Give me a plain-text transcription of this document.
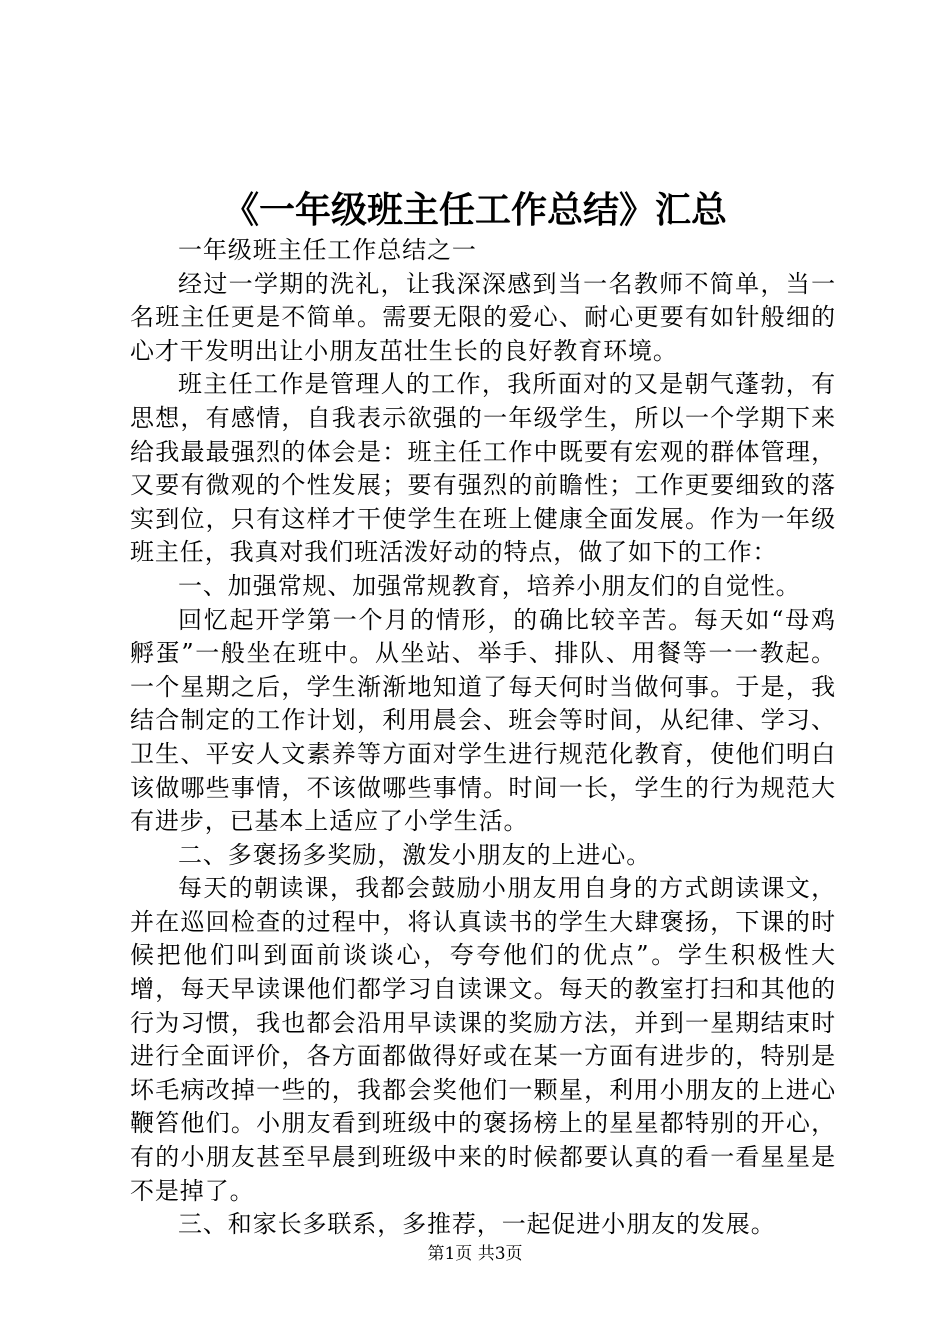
《一年级班主任工作总结》汇总

一年级班主任工作总结之一

经过一学期的洗礼，让我深深感到当一名教师不简单，当一名班主任更是不简单。需要无限的爱心、耐心更要有如针般细的心才干发明出让小朋友茁壮生长的良好教育环境。

班主任工作是管理人的工作，我所面对的又是朝气蓬勃，有思想，有感情，自我表示欲强的一年级学生，所以一个学期下来给我最最强烈的体会是：班主任工作中既要有宏观的群体管理，又要有微观的个性发展；要有强烈的前瞻性；工作更要细致的落实到位，只有这样才干使学生在班上健康全面发展。作为一年级班主任，我真对我们班活泼好动的特点，做了如下的工作：

一、加强常规、加强常规教育，培养小朋友们的自觉性。

回忆起开学第一个月的情形，的确比较辛苦。每天如“母鸡孵蛋”一般坐在班中。从坐站、举手、排队、用餐等一一教起。一个星期之后，学生渐渐地知道了每天何时当做何事。于是，我结合制定的工作计划，利用晨会、班会等时间，从纪律、学习、卫生、平安人文素养等方面对学生进行规范化教育，使他们明白该做哪些事情，不该做哪些事情。时间一长，学生的行为规范大有进步，已基本上适应了小学生活。

二、多褒扬多奖励，激发小朋友的上进心。

每天的朝读课，我都会鼓励小朋友用自身的方式朗读课文，并在巡回检查的过程中，将认真读书的学生大肆褒扬，下课的时候把他们叫到面前谈谈心，夸夸他们的优点”。学生积极性大增，每天早读课他们都学习自读课文。每天的教室打扫和其他的行为习惯，我也都会沿用早读课的奖励方法，并到一星期结束时进行全面评价，各方面都做得好或在某一方面有进步的，特别是坏毛病改掉一些的，我都会奖他们一颗星，利用小朋友的上进心鞭笞他们。小朋友看到班级中的褒扬榜上的星星都特别的开心，有的小朋友甚至早晨到班级中来的时候都要认真的看一看星星是不是掉了。

三、和家长多联系，多推荐，一起促进小朋友的发展。

第1页 共3页
